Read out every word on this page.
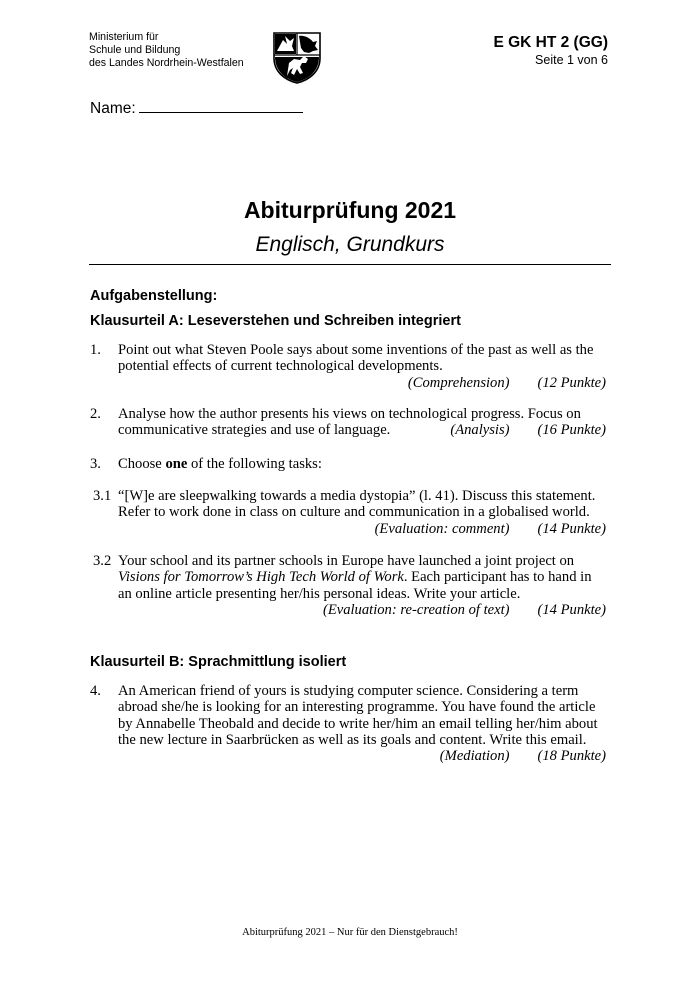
Ministerium für
Schule und Bildung
des Landes Nordrhein-Westfalen
E GK HT 2 (GG)
Seite 1 von 6
Name:
Abiturprüfung 2021
Englisch, Grundkurs
Aufgabenstellung:
Klausurteil A: Leseverstehen und Schreiben integriert
1. Point out what Steven Poole says about some inventions of the past as well as the potential effects of current technological developments.
(Comprehension) (12 Punkte)
2. Analyse how the author presents his views on technological progress. Focus on communicative strategies and use of language.	(Analysis) (16 Punkte)
3. Choose one of the following tasks:
3.1 “[W]e are sleepwalking towards a media dystopia” (l. 41). Discuss this statement. Refer to work done in class on culture and communication in a globalised world.
(Evaluation: comment) (14 Punkte)
3.2 Your school and its partner schools in Europe have launched a joint project on Visions for Tomorrow’s High Tech World of Work. Each participant has to hand in an online article presenting her/his personal ideas. Write your article.
(Evaluation: re-creation of text) (14 Punkte)
Klausurteil B: Sprachmittlung isoliert
4. An American friend of yours is studying computer science. Considering a term abroad she/he is looking for an interesting programme. You have found the article by Annabelle Theobald and decide to write her/him an email telling her/him about the new lecture in Saarbrücken as well as its goals and content. Write this email.
(Mediation) (18 Punkte)
Abiturprüfung 2021 – Nur für den Dienstgebrauch!
